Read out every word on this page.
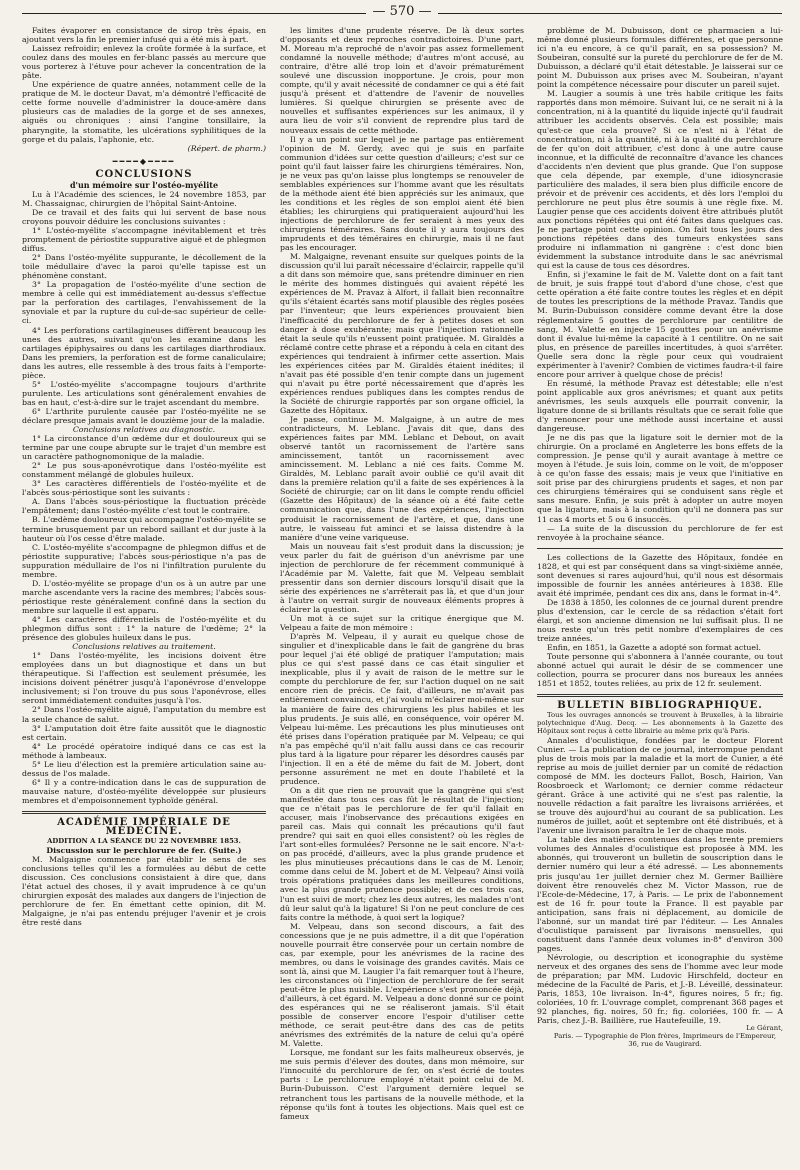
— 570 —

Faites évaporer en consistance de sirop très épais, en ajoutant vers la fin le premier infusé qui a été mis à part.

Laissez refroidir; enlevez la croûte formée à la surface, et coulez dans des moules en fer-blanc passés au mercure que vous porterez à l'étuve pour achever la concentration de la pâte.

Une expérience de quatre années, notamment celle de la pratique de M. le docteur Davat, m'a démontré l'efficacité de cette forme nouvelle d'administrer la douce-amère dans plusieurs cas de maladies de la gorge et de ses annexes, aiguës ou chroniques : ainsi l'angine tonsillaire, la pharyngite, la stomatite, les ulcérations syphilitiques de la gorge et du palais, l'aphonie, etc.

(Répert. de pharm.)

━━━━◆━━━━
CONCLUSIONS
d'un mémoire sur l'ostéo-myélite

Lu à l'Académie des sciences, le 24 novembre 1853, par M. Chassaignac, chirurgien de l'hôpital Saint-Antoine.

De ce travail et des faits qui lui servent de base nous croyons pouvoir déduire les conclusions suivantes :

1° L'ostéo-myélite s'accompagne inévitablement et très promptement de périostite suppurative aiguë et de phlegmon diffus.

2° Dans l'ostéo-myélite suppurante, le décollement de la toile médullaire d'avec la paroi qu'elle tapisse est un phénomène constant.

3° La propagation de l'ostéo-myélite d'une section de membre à celle qui est immédiatement au-dessus s'effectue par la perforation des cartilages, l'envahissement de la synoviale et par la rupture du cul-de-sac supérieur de celle-ci.

4° Les perforations cartilagineuses diffèrent beaucoup les unes des autres, suivant qu'on les examine dans les cartilages épiphysaires ou dans les cartilages diarthrodiaux. Dans les premiers, la perforation est de forme canaliculaire; dans les autres, elle ressemble à des trous faits à l'emporte-pièce.

5° L'ostéo-myélite s'accompagne toujours d'arthrite purulente. Les articulations sont généralement envahies de bas en haut, c'est-à-dire sur le trajet ascendant du membre.

6° L'arthrite purulente causée par l'ostéo-myélite ne se déclare presque jamais avant le douzième jour de la maladie.

Conclusions relatives au diagnostic.

1° La circonstance d'un œdème dur et douloureux qui se termine par une coupe abrupte sur le trajet d'un membre est un caractère pathognomonique de la maladie.

2° Le pus sous-aponévrotique dans l'ostéo-myélite est constamment mélangé de globules huileux.

3° Les caractères différentiels de l'ostéo-myélite et de l'abcès sous-périostique sont les suivants :

A. Dans l'abcès sous-périostique la fluctuation précède l'empâtement; dans l'ostéo-myélite c'est tout le contraire.

B. L'œdème douloureux qui accompagne l'ostéo-myélite se termine brusquement par un rebord saillant et dur juste à la hauteur où l'os cesse d'être malade.

C. L'ostéo-myélite s'accompagne de phlegmon diffus et de périostite suppurative; l'abcès sous-périostique n'a pas de suppuration médullaire de l'os ni l'infiltration purulente du membre.

D. L'ostéo-myélite se propage d'un os à un autre par une marche ascendante vers la racine des membres; l'abcès sous-périostique reste généralement confiné dans la section du membre sur laquelle il est apparu.

4° Les caractères différentiels de l'ostéo-myélite et du phlegmon diffus sont : 1° la nature de l'œdème; 2° la présence des globules huileux dans le pus.

Conclusions relatives au traitement.

1° Dans l'ostéo-myélite, les incisions doivent être employées dans un but diagnostique et dans un but thérapeutique. Si l'affection est seulement présumée, les incisions doivent pénétrer jusqu'à l'aponévrose d'enveloppe inclusivement; si l'on trouve du pus sous l'aponévrose, elles seront immédiatement conduites jusqu'à l'os.

2° Dans l'ostéo-myélite aiguë, l'amputation du membre est la seule chance de salut.

3° L'amputation doit être faite aussitôt que le diagnostic est certain.

4° Le procédé opératoire indiqué dans ce cas est la méthode à lambeaux.

5° Le lieu d'élection est la première articulation saine au-dessus de l'os malade.

6° Il y a contre-indication dans le cas de suppuration de mauvaise nature, d'ostéo-myélite développée sur plusieurs membres et d'empoisonnement typhoïde général.

ACADÉMIE IMPÉRIALE DE MÉDECINE.
ADDITION A LA SÉANCE DU 22 NOVEMBRE 1853.

Discussion sur le perchlorure de fer. (Suite.)

M. Malgaigne commence par établir le sens de ses conclusions telles qu'il les a formulées au début de cette discussion. Ces conclusions consistaient à dire que, dans l'état actuel des choses, il y avait imprudence à ce qu'un chirurgien exposât des malades aux dangers de l'injection de perchlorure de fer. En émettant cette opinion, dit M. Malgaigne, je n'ai pas entendu préjuger l'avenir et je crois être resté dans

les limites d'une prudente réserve. De là deux sortes d'opposants et deux reproches contradictoires. D'une part, M. Moreau m'a reproché de n'avoir pas assez formellement condamné la nouvelle méthode; d'autres m'ont accusé, au contraire, d'être allé trop loin et d'avoir prématurément soulevé une discussion inopportune. Je crois, pour mon compte, qu'il y avait nécessité de condamner ce qui a été fait jusqu'à présent et d'attendre de l'avenir de nouvelles lumières. Si quelque chirurgien se présente avec de nouvelles et suffisantes expériences sur les animaux, il y aura lieu de voir s'il convient de reprendre plus tard de nouveaux essais de cette méthode.

Il y a un point sur lequel je ne partage pas entièrement l'opinion de M. Gerdy, avec qui je suis en parfaite communion d'idées sur cette question d'ailleurs; c'est sur ce point qu'il faut laisser faire les chirurgiens téméraires. Non, je ne veux pas qu'on laisse plus longtemps se renouveler de semblables expériences sur l'homme avant que les résultats de la méthode aient été bien appréciés sur les animaux, que les conditions et les règles de son emploi aient été bien établies; les chirurgiens qui pratiqueraient aujourd'hui les injections de perchlorure de fer seraient à mes yeux des chirurgiens téméraires. Sans doute il y aura toujours des imprudents et des téméraires en chirurgie, mais il ne faut pas les encourager.

M. Malgaigne, revenant ensuite sur quelques points de la discussion qu'il lui paraît nécessaire d'éclaircir, rappelle qu'il a dit dans son mémoire que, sans prétendre diminuer en rien le mérite des hommes distingués qui avaient répété les expériences de M. Pravaz à Alfort, il fallait bien reconnaître qu'ils s'étaient écartés sans motif plausible des règles posées par l'inventeur; que leurs expériences prouvaient bien l'inefficacité du perchlorure de fer à petites doses et son danger à dose exubérante; mais que l'injection rationnelle était la seule qu'ils n'eussent point pratiquée. M. Giraldès a réclamé contre cette phrase et a répondu à cela en citant des expériences qui tendraient à infirmer cette assertion. Mais les expériences citées par M. Giraldès étaient inédites; il n'avait pas été possible d'en tenir compte dans un jugement qui n'avait pu être porté nécessairement que d'après les expériences rendues publiques dans les comptes rendus de la Société de chirurgie rapportés par son organe officiel, la Gazette des Hôpitaux.

Je passe, continue M. Malgaigne, à un autre de mes contradicteurs, M. Leblanc. J'avais dit que, dans des expériences faites par MM. Leblanc et Debout, on avait observé tantôt un racornissement de l'artère sans amincissement, tantôt un racornissement avec amincissement. M. Leblanc a nié ces faits. Comme M. Giraldès, M. Leblanc paraît avoir oublié ce qu'il avait dit dans la première relation qu'il a faite de ses expériences à la Société de chirurgie; car on lit dans le compte rendu officiel (Gazette des Hôpitaux) de la séance où a été faite cette communication que, dans l'une des expériences, l'injection produisit le racornissement de l'artère, et que, dans une autre, le vaisseau fut aminci et se laissa distendre à la manière d'une veine variqueuse.

Mais un nouveau fait s'est produit dans la discussion; je veux parler du fait de guérison d'un anévrisme par une injection de perchlorure de fer récemment communiqué à l'Académie par M. Valette, fait que M. Velpeau semblait pressentir dans son dernier discours lorsqu'il disait que la série des expériences ne s'arrêterait pas là, et que d'un jour à l'autre on verrait surgir de nouveaux éléments propres à éclairer la question.

Un mot à ce sujet sur la critique énergique que M. Velpeau a faite de mon mémoire :

D'après M. Velpeau, il y aurait eu quelque chose de singulier et d'inexplicable dans le fait de gangrène du bras pour lequel j'ai été obligé de pratiquer l'amputation; mais plus ce qui s'est passé dans ce cas était singulier et inexplicable, plus il y avait de raison de le mettre sur le compte du perchlorure de fer, sur l'action duquel on ne sait encore rien de précis. Ce fait, d'ailleurs, ne m'avait pas entièrement convaincu, et j'ai voulu m'éclairer moi-même sur la manière de faire des chirurgiens les plus habiles et les plus prudents. Je suis allé, en conséquence, voir opérer M. Velpeau lui-même. Les précautions les plus minutieuses ont été prises dans l'opération pratiquée par M. Velpeau; ce qui n'a pas empêché qu'il n'ait fallu aussi dans ce cas recourir plus tard à la ligature pour réparer les désordres causés par l'injection. Il en a été de même du fait de M. Jobert, dont personne assurément ne met en doute l'habileté et la prudence.

On a dit que rien ne prouvait que la gangrène qui s'est manifestée dans tous ces cas fût le résultat de l'injection; que ce n'était pas le perchlorure de fer qu'il fallait en accuser, mais l'inobservance des précautions exigées en pareil cas. Mais qui connaît les précautions qu'il faut prendre? qui sait en quoi elles consistent? où les règles de l'art sont-elles formulées? Personne ne le sait encore. N'a-t-on pas procédé, d'ailleurs, avec la plus grande prudence et les plus minutieuses précautions dans le cas de M. Lenoir, comme dans celui de M. Jobert et de M. Velpeau? Ainsi voilà trois opérations pratiquées dans les meilleures conditions, avec la plus grande prudence possible; et de ces trois cas, l'un est suivi de mort; chez les deux autres, les malades n'ont dû leur salut qu'à la ligature! Si l'on ne peut conclure de ces faits contre la méthode, à quoi sert la logique?

M. Velpeau, dans son second discours, a fait des concessions que je ne puis admettre, il a dit que l'opération nouvelle pourrait être conservée pour un certain nombre de cas, par exemple, pour les anévrismes de la racine des membres, ou dans le voisinage des grandes cavités. Mais ce sont là, ainsi que M. Laugier l'a fait remarquer tout à l'heure, les circonstances où l'injection de perchlorure de fer serait peut-être le plus nuisible. L'expérience s'est prononcée déjà, d'ailleurs, à cet égard. M. Velpeau a donc donné sur ce point des espérances qui ne se réaliseront jamais. S'il était possible de conserver encore l'espoir d'utiliser cette méthode, ce serait peut-être dans des cas de petits anévrismes des extrémités de la nature de celui qu'a opéré M. Valette.

Lorsque, me fondant sur les faits malheureux observés, je me suis permis d'élever des doutes, dans mon mémoire, sur l'innocuité du perchlorure de fer, on s'est écrié de toutes parts : Le perchlorure employé n'était point celui de M. Burin-Dubuisson. C'est l'argument dernière lequel se retranchent tous les partisans de la nouvelle méthode, et la réponse qu'ils font à toutes les objections. Mais quel est ce fameux

problème de M. Dubuisson, dont ce pharmacien a lui-même donné plusieurs formules différentes, et que personne ici n'a eu encore, à ce qu'il paraît, en sa possession? M. Soubeiran, consulté sur la pureté du perchlorure de fer de M. Dubuisson, a déclaré qu'il était détestable. Je laisserai sur ce point M. Dubuisson aux prises avec M. Soubeiran, n'ayant point la compétence nécessaire pour discuter un pareil sujet.

M. Laugier a soumis à une très habile critique les faits rapportés dans mon mémoire. Suivant lui, ce ne serait ni à la concentration, ni à la quantité du liquide injecté qu'il faudrait attribuer les accidents observés. Cela est possible; mais qu'est-ce que cela prouve? Si ce n'est ni à l'état de concentration, ni à la quantité, ni à la qualité du perchlorure de fer qu'on doit attribuer, c'est donc à une autre cause inconnue, et la difficulté de reconnaître d'avance les chances d'accidents n'en devient que plus grande. Que l'on suppose que cela dépende, par exemple, d'une idiosyncrasie particulière des malades, il sera bien plus difficile encore de prévoir et de prévenir ces accidents, et dès lors l'emploi du perchlorure ne peut plus être soumis à une règle fixe. M. Laugier pense que ces accidents doivent être attribués plutôt aux ponctions répétées qui ont été faites dans quelques cas. Je ne partage point cette opinion. On fait tous les jours des ponctions répétées dans des tumeurs enkystées sans produire ni inflammation ni gangrène : c'est donc bien évidemment la substance introduite dans le sac anévrismal qui est la cause de tous ces désordres.

Enfin, si j'examine le fait de M. Valette dont on a fait tant de bruit, je suis frappé tout d'abord d'une chose, c'est que cette opération a été faite contre toutes les règles et en dépit de toutes les prescriptions de la méthode Pravaz. Tandis que M. Burin-Dubuisson considère comme devant être la dose réglementaire 5 gouttes de perchlorure par centilitre de sang, M. Valette en injecte 15 gouttes pour un anévrisme dont il évalue lui-même la capacité à 1 centilitre. On ne sait plus, en présence de pareilles incertitudes, à quoi s'arrêter. Quelle sera donc la règle pour ceux qui voudraient expérimenter à l'avenir? Combien de victimes faudra-t-il faire encore pour arriver à quelque chose de précis!

En résumé, la méthode Pravaz est détestable; elle n'est point applicable aux gros anévrismes; et quant aux petits anévrismes, les seuls auxquels elle pourrait convenir, la ligature donne de si brillants résultats que ce serait folie que d'y renoncer pour une méthode aussi incertaine et aussi dangereuse.

Je ne dis pas que la ligature soit le dernier mot de la chirurgie. On a proclamé en Angleterre les bons effets de la compression. Je pense qu'il y aurait avantage à mettre ce moyen à l'étude. Je suis loin, comme on le voit, de m'opposer à ce qu'on fasse des essais; mais je veux que l'initiative en soit prise par des chirurgiens prudents et sages, et non par ces chirurgiens téméraires qui se conduisent sans règle et sans mesure. Enfin, je suis prêt à adopter un autre moyen que la ligature, mais à la condition qu'il ne donnera pas sur 11 cas 4 morts et 5 ou 6 insuccès.

— La suite de la discussion du perchlorure de fer est renvoyée à la prochaine séance.

Les collections de la Gazette des Hôpitaux, fondée en 1828, et qui est par conséquent dans sa vingt-sixième année, sont devenues si rares aujourd'hui, qu'il nous est désormais impossible de fournir les années antérieures à 1838. Elle avait été imprimée, pendant ces dix ans, dans le format in-4°.

De 1838 à 1850, les colonnes de ce journal durent prendre plus d'extension, car le cercle de sa rédaction s'était fort élargi, et son ancienne dimension ne lui suffisait plus. Il ne nous reste qu'un très petit nombre d'exemplaires de ces treize années.

Enfin, en 1851, la Gazette a adopté son format actuel.

Toute personne qui s'abonnera à l'année courante, ou tout abonné actuel qui aurait le désir de se commencer une collection, pourra se procurer dans nos bureaux les années 1851 et 1852, toutes reliées, au prix de 12 fr. seulement.

BULLETIN BIBLIOGRAPHIQUE.

Tous les ouvrages annoncés se trouvent à Bruxelles, à la librairie polytechnique d'Aug. Decq. — Les abonnements à la Gazette des Hôpitaux sont reçus à cette librairie au même prix qu'à Paris.

Annales d'oculistique, fondées par le docteur Florent Cunier. — La publication de ce journal, interrompue pendant plus de trois mois par la maladie et la mort de Cunier, a été reprise au mois de juillet dernier par un comité de rédaction composé de MM. les docteurs Fallot, Bosch, Hairion, Van Roosbroeck et Warlomont; ce dernier comme rédacteur gérant. Grâce à une activité qui ne s'est pas ralentie, la nouvelle rédaction a fait paraître les livraisons arriérées, et se trouve dès aujourd'hui au courant de sa publication. Les numéros de juillet, août et septembre ont été distribués, et à l'avenir une livraison paraîtra le 1er de chaque mois.

La table des matières contenues dans les trente premiers volumes des Annales d'oculistique est proposée à MM. les abonnés, qui trouveront un bulletin de souscription dans le dernier numéro qui leur a été adressé. — Les abonnements pris jusqu'au 1er juillet dernier chez M. Germer Baillière doivent être renouvelés chez M. Victor Masson, rue de l'Ecole-de-Médecine, 17, à Paris. — Le prix de l'abonnement est de 16 fr. pour toute la France. Il est payable par anticipation, sans frais ni déplacement, au domicile de l'abonné, sur un mandat tiré par l'éditeur. — Les Annales d'oculistique paraissent par livraisons mensuelles, qui constituent dans l'année deux volumes in-8° d'environ 300 pages.

Névrologie, ou description et iconographie du système nerveux et des organes des sens de l'homme avec leur mode de préparation; par MM. Ludovic Hirschfeld, docteur en médecine de la Faculté de Paris, et J.-B. Léveillé, dessinateur. Paris, 1853, 10e livraison. In-4°, figures noires, 5 fr.; fig. coloriées, 10 fr. L'ouvrage complet, comprenant 368 pages et 92 planches, fig. noires, 50 fr.; fig. coloriées, 100 fr. — A Paris, chez J.-B. Baillière, rue Hautefeuille, 19.

Le Gérant,

Paris. — Typographie de Plon frères, Imprimeurs de l'Empereur,

36, rue de Vaugirard.
